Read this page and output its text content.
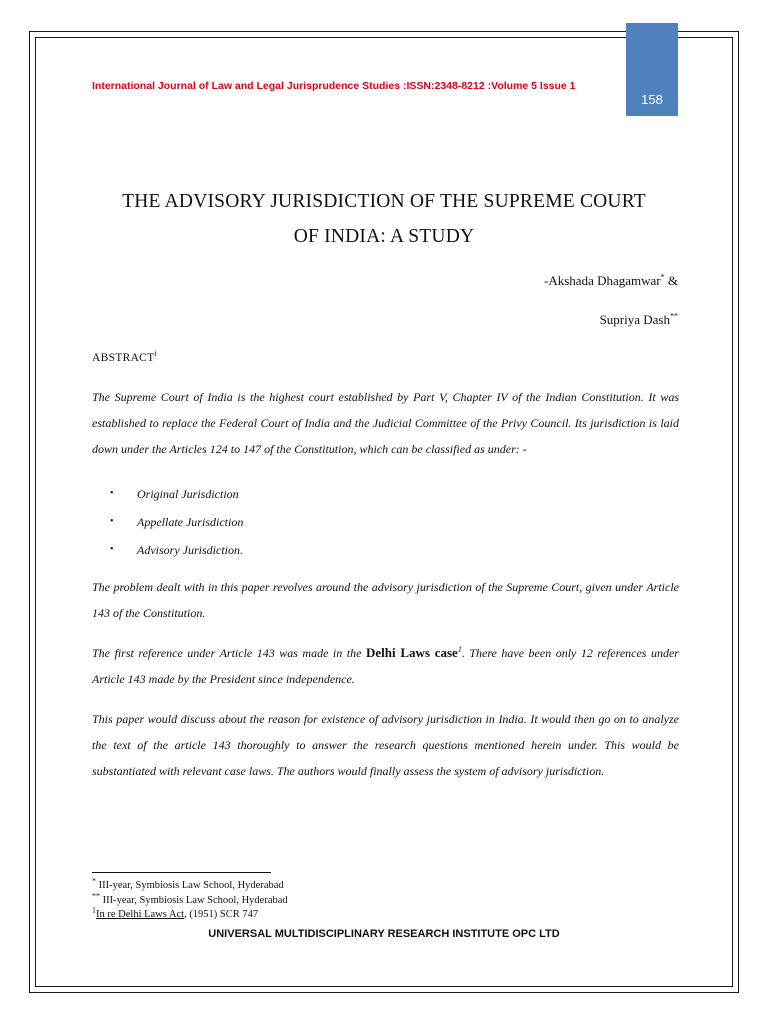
158
International Journal of Law and Legal Jurisprudence Studies :ISSN:2348-8212 :Volume 5 Issue 1
THE ADVISORY JURISDICTION OF THE SUPREME COURT
OF INDIA: A STUDY
-Akshada Dhagamwar* &
Supriya Dash**
ABSTRACT$^i$
The Supreme Court of India is the highest court established by Part V, Chapter IV of the Indian Constitution. It was established to replace the Federal Court of India and the Judicial Committee of the Privy Council. Its jurisdiction is laid down under the Articles 124 to 147 of the Constitution, which can be classified as under: -
• Original Jurisdiction
• Appellate Jurisdiction
• Advisory Jurisdiction.
The problem dealt with in this paper revolves around the advisory jurisdiction of the Supreme Court, given under Article 143 of the Constitution.
The first reference under Article 143 was made in the Delhi Laws case$^1$. There have been only 12 references under Article 143 made by the President since independence.
This paper would discuss about the reason for existence of advisory jurisdiction in India. It would then go on to analyze the text of the article 143 thoroughly to answer the research questions mentioned herein under. This would be substantiated with relevant case laws. The authors would finally assess the system of advisory jurisdiction.
* III-year, Symbiosis Law School, Hyderabad
** III-year, Symbiosis Law School, Hyderabad
$^1$In re Delhi Laws Act, (1951) SCR 747
UNIVERSAL MULTIDISCIPLINARY RESEARCH INSTITUTE OPC LTD
